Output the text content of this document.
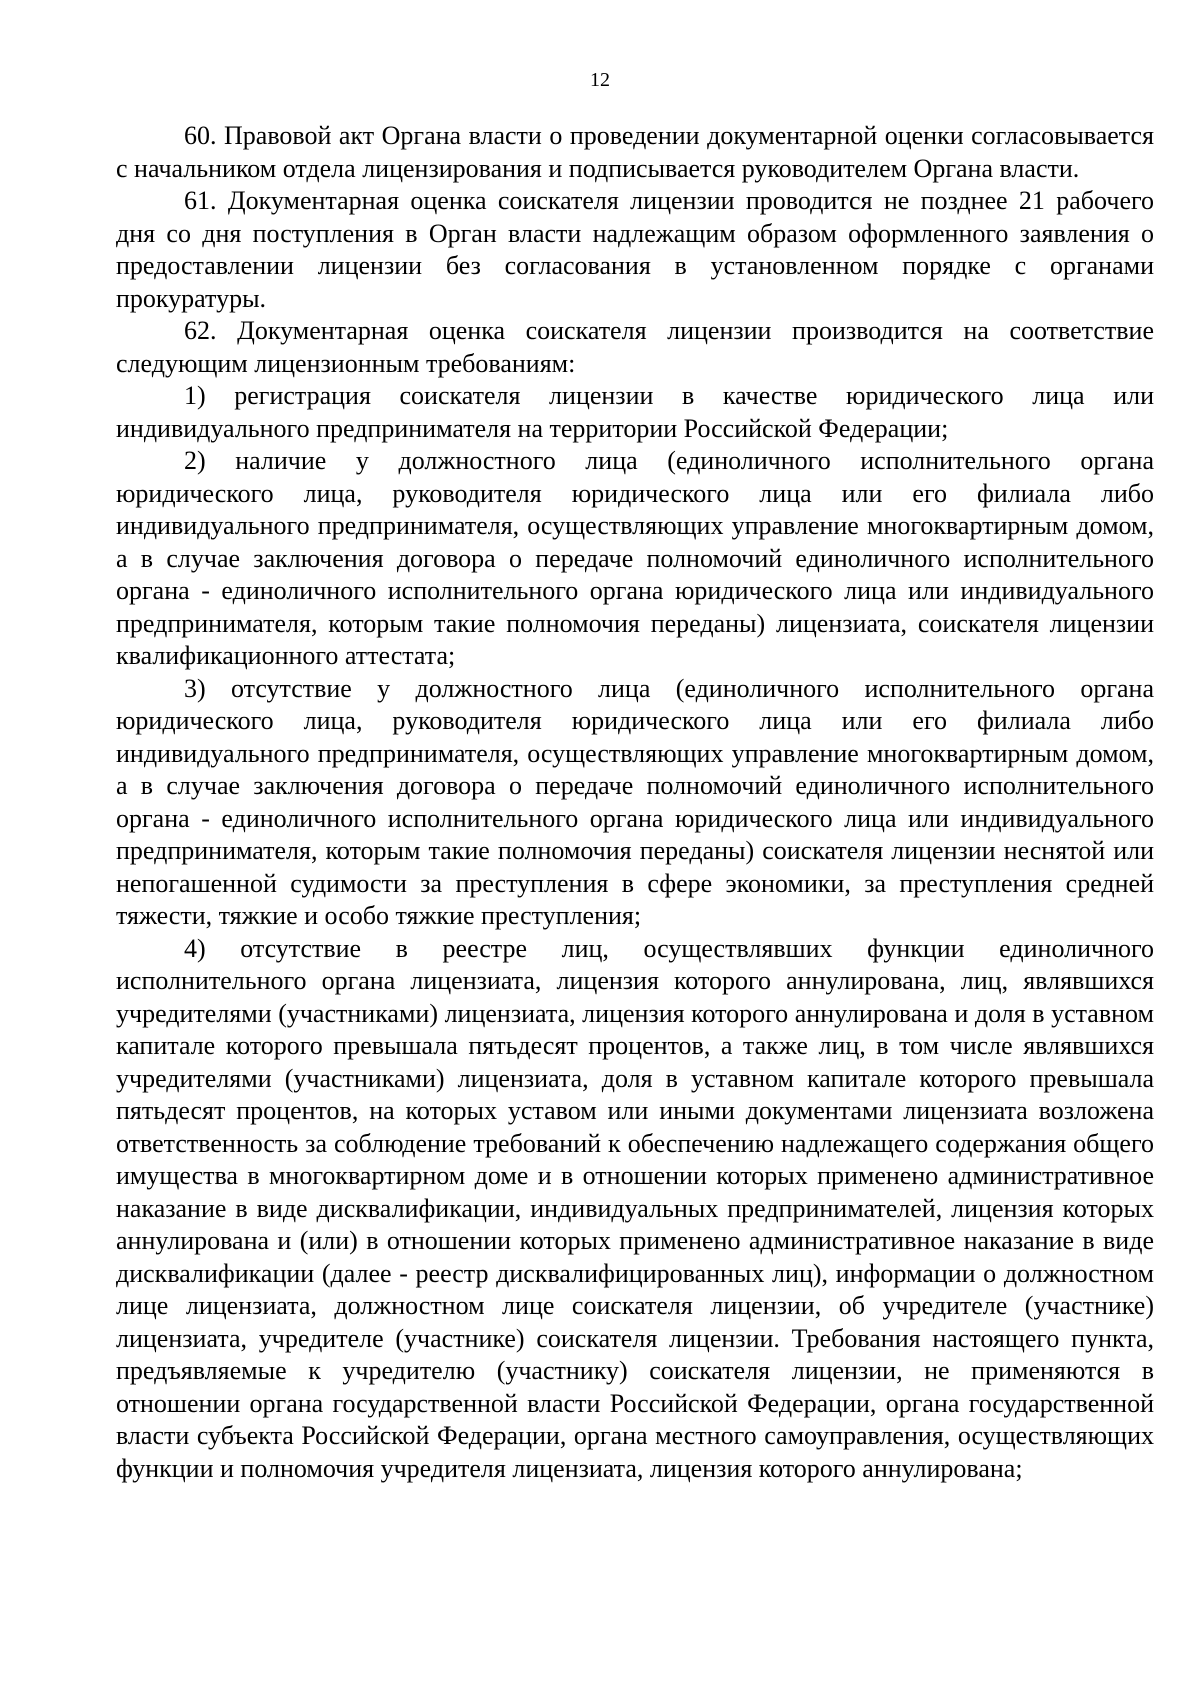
12

60. Правовой акт Органа власти о проведении документарной оценки согласовывается с начальником отдела лицензирования и подписывается руководителем Органа власти.

61. Документарная оценка соискателя лицензии проводится не позднее 21 рабочего дня со дня поступления в Орган власти надлежащим образом оформленного заявления о предоставлении лицензии без согласования в установленном порядке с органами прокуратуры.

62. Документарная оценка соискателя лицензии производится на соответствие следующим лицензионным требованиям:

1) регистрация соискателя лицензии в качестве юридического лица или индивидуального предпринимателя на территории Российской Федерации;

2) наличие у должностного лица (единоличного исполнительного органа юридического лица, руководителя юридического лица или его филиала либо индивидуального предпринимателя, осуществляющих управление многоквартирным домом, а в случае заключения договора о передаче полномочий единоличного исполнительного органа - единоличного исполнительного органа юридического лица или индивидуального предпринимателя, которым такие полномочия переданы) лицензиата, соискателя лицензии квалификационного аттестата;

3) отсутствие у должностного лица (единоличного исполнительного органа юридического лица, руководителя юридического лица или его филиала либо индивидуального предпринимателя, осуществляющих управление многоквартирным домом, а в случае заключения договора о передаче полномочий единоличного исполнительного органа - единоличного исполнительного органа юридического лица или индивидуального предпринимателя, которым такие полномочия переданы) соискателя лицензии неснятой или непогашенной судимости за преступления в сфере экономики, за преступления средней тяжести, тяжкие и особо тяжкие преступления;

4) отсутствие в реестре лиц, осуществлявших функции единоличного исполнительного органа лицензиата, лицензия которого аннулирована, лиц, являвшихся учредителями (участниками) лицензиата, лицензия которого аннулирована и доля в уставном капитале которого превышала пятьдесят процентов, а также лиц, в том числе являвшихся учредителями (участниками) лицензиата, доля в уставном капитале которого превышала пятьдесят процентов, на которых уставом или иными документами лицензиата возложена ответственность за соблюдение требований к обеспечению надлежащего содержания общего имущества в многоквартирном доме и в отношении которых применено административное наказание в виде дисквалификации, индивидуальных предпринимателей, лицензия которых аннулирована и (или) в отношении которых применено административное наказание в виде дисквалификации (далее - реестр дисквалифицированных лиц), информации о должностном лице лицензиата, должностном лице соискателя лицензии, об учредителе (участнике) лицензиата, учредителе (участнике) соискателя лицензии. Требования настоящего пункта, предъявляемые к учредителю (участнику) соискателя лицензии, не применяются в отношении органа государственной власти Российской Федерации, органа государственной власти субъекта Российской Федерации, органа местного самоуправления, осуществляющих функции и полномочия учредителя лицензиата, лицензия которого аннулирована;
